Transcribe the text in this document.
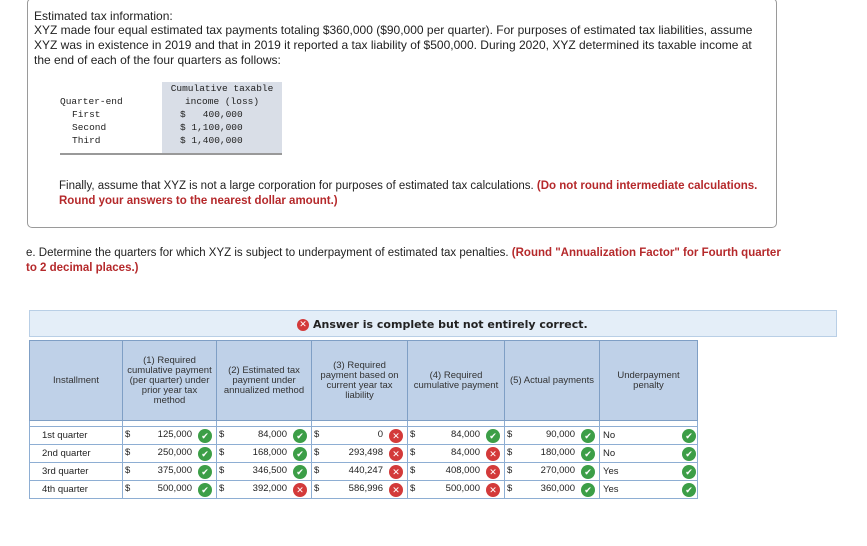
Estimated tax information:
XYZ made four equal estimated tax payments totaling $360,000 ($90,000 per quarter). For purposes of estimated tax liabilities, assume XYZ was in existence in 2019 and that in 2019 it reported a tax liability of $500,000. During 2020, XYZ determined its taxable income at the end of each of the four quarters as follows:
	Cumulative taxable
Quarter-end	income (loss)
First	$   400,000
Second	$ 1,100,000
Third	$ 1,400,000

Finally, assume that XYZ is not a large corporation for purposes of estimated tax calculations. (Do not round intermediate calculations. Round your answers to the nearest dollar amount.)
e. Determine the quarters for which XYZ is subject to underpayment of estimated tax penalties. (Round "Annualization Factor" for Fourth quarter to 2 decimal places.)
✕ Answer is complete but not entirely correct.
Installment	(1) Required cumulative payment (per quarter) under prior year tax method	(2) Estimated tax payment under annualized method	(3) Required payment based on current year tax liability	(4) Required cumulative payment	(5) Actual payments	Underpayment penalty

1st quarter	$ 125,000 ✔	$ 84,000 ✔	$ 0 ✕	$ 84,000 ✔	$ 90,000 ✔	No
2nd quarter	$ 250,000 ✔	$ 168,000 ✔	$ 293,498 ✕	$ 84,000 ✕	$ 180,000 ✔	No
3rd quarter	$ 375,000 ✔	$ 346,500 ✔	$ 440,247 ✕	$ 408,000 ✕	$ 270,000 ✔	Yes
4th quarter	$ 500,000 ✔	$ 392,000 ✕	$ 586,996 ✕	$ 500,000 ✕	$ 360,000 ✔	Yes
✔
✔
✔
✔
